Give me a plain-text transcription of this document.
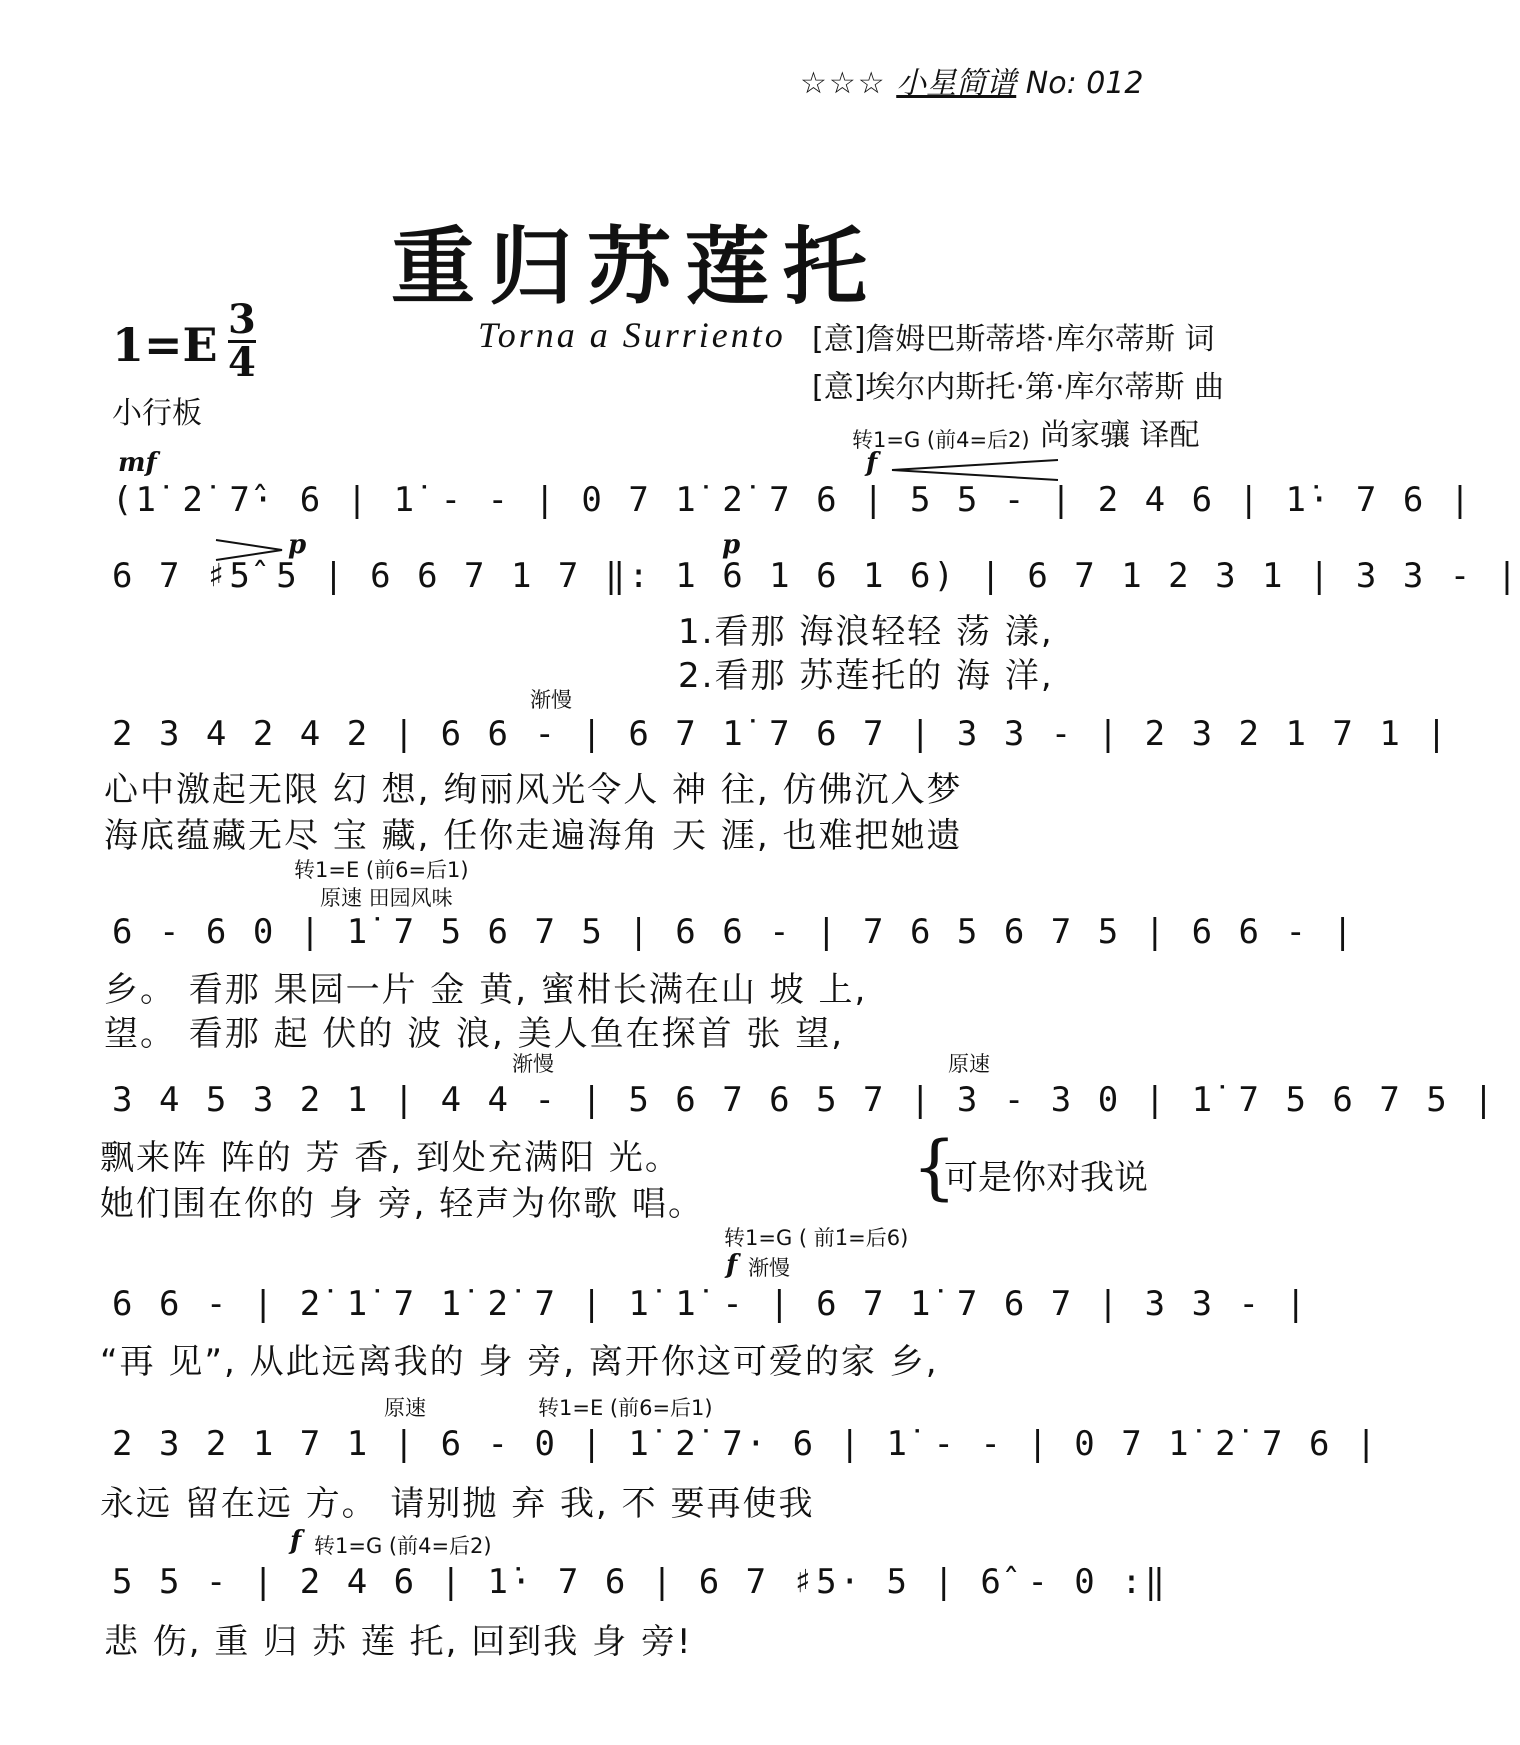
☆☆☆ 小星简谱 No: 012
重归苏莲托
1=E 3
4
小行板
Torna a Surriento [意]詹姆巴斯蒂塔·库尔蒂斯 词
[意]埃尔内斯托·第·库尔蒂斯 曲
尚家骧 译配
转1=G (前4=后2)
mf	f
(1̇ 2̇ 7̂· 6 | 1̇ - - | 0 7 1̇ 2̇ 7 6 | 5 5 - | 2 4 6 | 1̇· 7 6 |
p	p
6 7 ♯5̂ 5 | 6 6 7 1 7 ‖: 1 6 1 6 1 6) | 6 7 1 2 3 1 | 3 3 - |
1.看那 海浪轻轻 荡 漾,
2.看那 苏莲托的 海 洋,
渐慢
2 3 4 2 4 2 | 6 6 - | 6 7 1̇ 7 6 7 | 3 3 - | 2 3 2 1 7 1 |
心中激起无限 幻 想, 绚丽风光令人 神 往, 仿佛沉入梦
海底蕴藏无尽 宝 藏, 任你走遍海角 天 涯, 也难把她遗
转1=E (前6=后1)
原速 田园风味
6 - 6 0 | 1̇ 7 5 6 7 5 | 6 6 - | 7 6 5 6 7 5 | 6 6 - |
乡。 看那 果园一片 金 黄, 蜜柑长满在山 坡 上,
望。 看那 起 伏的 波 浪, 美人鱼在探首 张 望,
渐慢	原速
3 4 5 3 2 1 | 4 4 - | 5 6 7 6 5 7 | 3 - 3 0 | 1̇ 7 5 6 7 5 |
飘来阵 阵的 芳 香, 到处充满阳 光。
她们围在你的 身 旁, 轻声为你歌 唱。	{
可是你对我说
转1=G ( 前1̇=后6)
f 渐慢
6 6 - | 2̇ 1̇ 7 1̇ 2̇ 7 | 1̇ 1̇ - | 6 7 1̇ 7 6 7 | 3 3 - |
“再 见”, 从此远离我的 身 旁, 离开你这可爱的家 乡,
原速	转1=E (前6=后1)
2 3 2 1 7 1 | 6 - 0 | 1̇ 2̇ 7· 6 | 1̇ - - | 0 7 1̇ 2̇ 7 6 |
永远 留在远 方。 请别抛 弃 我, 不 要再使我
f 转1=G (前4=后2)
5 5 - | 2 4 6 | 1̇· 7 6 | 6 7 ♯5· 5 | 6̂ - 0 :‖
悲 伤, 重 归 苏 莲 托, 回到我 身 旁!
